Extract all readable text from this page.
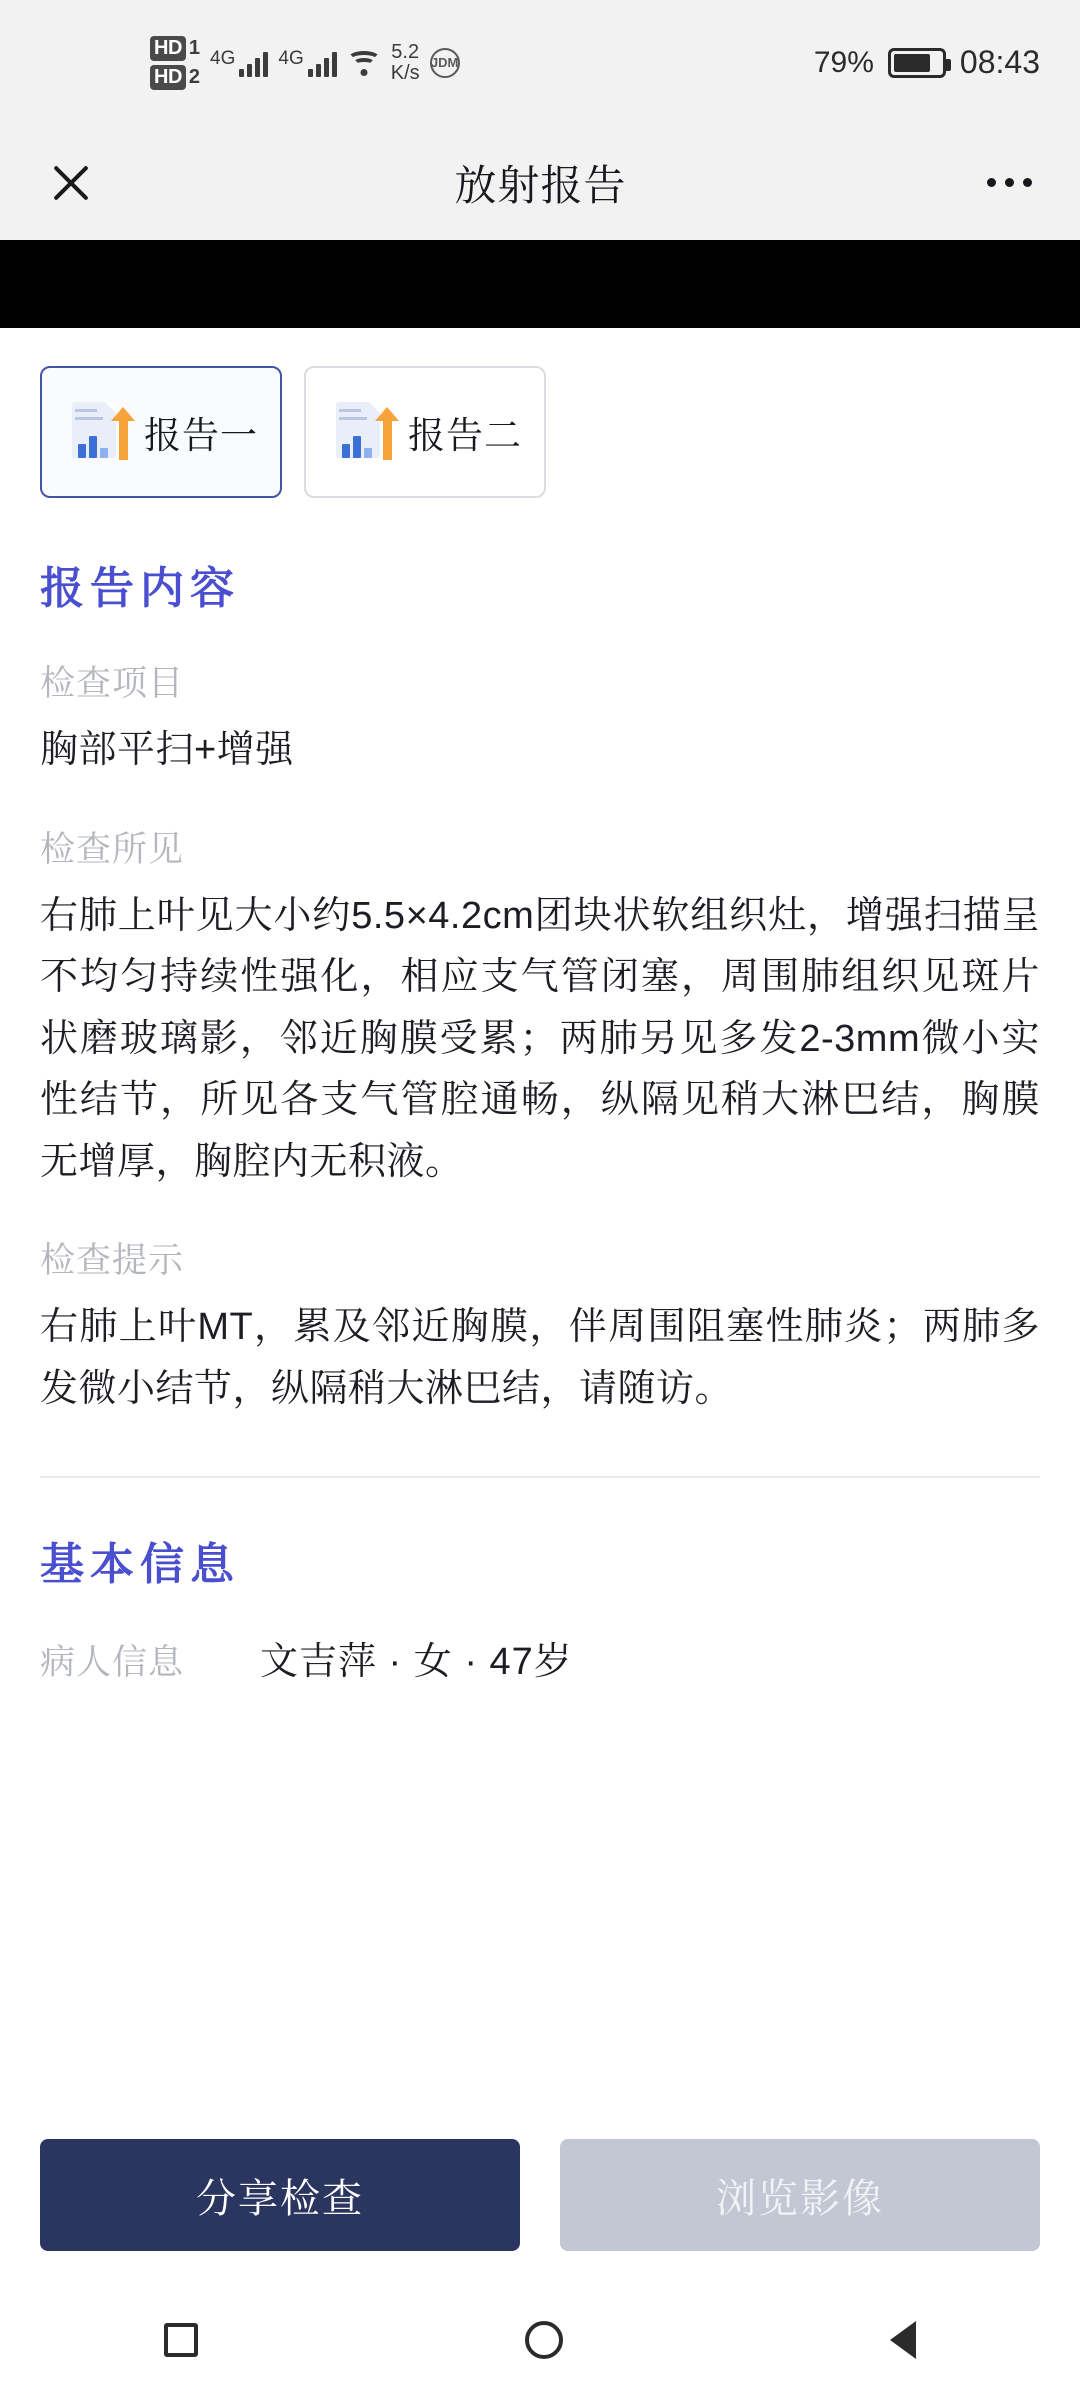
HD 1
HD 2
4G 4G	5.2
K/s JDM	79%	08:43
放射报告
报告一	报告二
报告内容
检查项目
胸部平扫+增强
检查所见
右肺上叶见大小约5.5×4.2cm团块状软组织灶，增强扫描呈不均匀持续性强化，相应支气管闭塞，周围肺组织见斑片状磨玻璃影，邻近胸膜受累；两肺另见多发2-3mm微小实性结节，所见各支气管腔通畅，纵隔见稍大淋巴结，胸膜无增厚，胸腔内无积液。
检查提示
右肺上叶MT，累及邻近胸膜，伴周围阻塞性肺炎；两肺多发微小结节，纵隔稍大淋巴结，请随访。
基本信息
病人信息	文吉萍 · 女 · 47岁
分享检查	浏览影像
